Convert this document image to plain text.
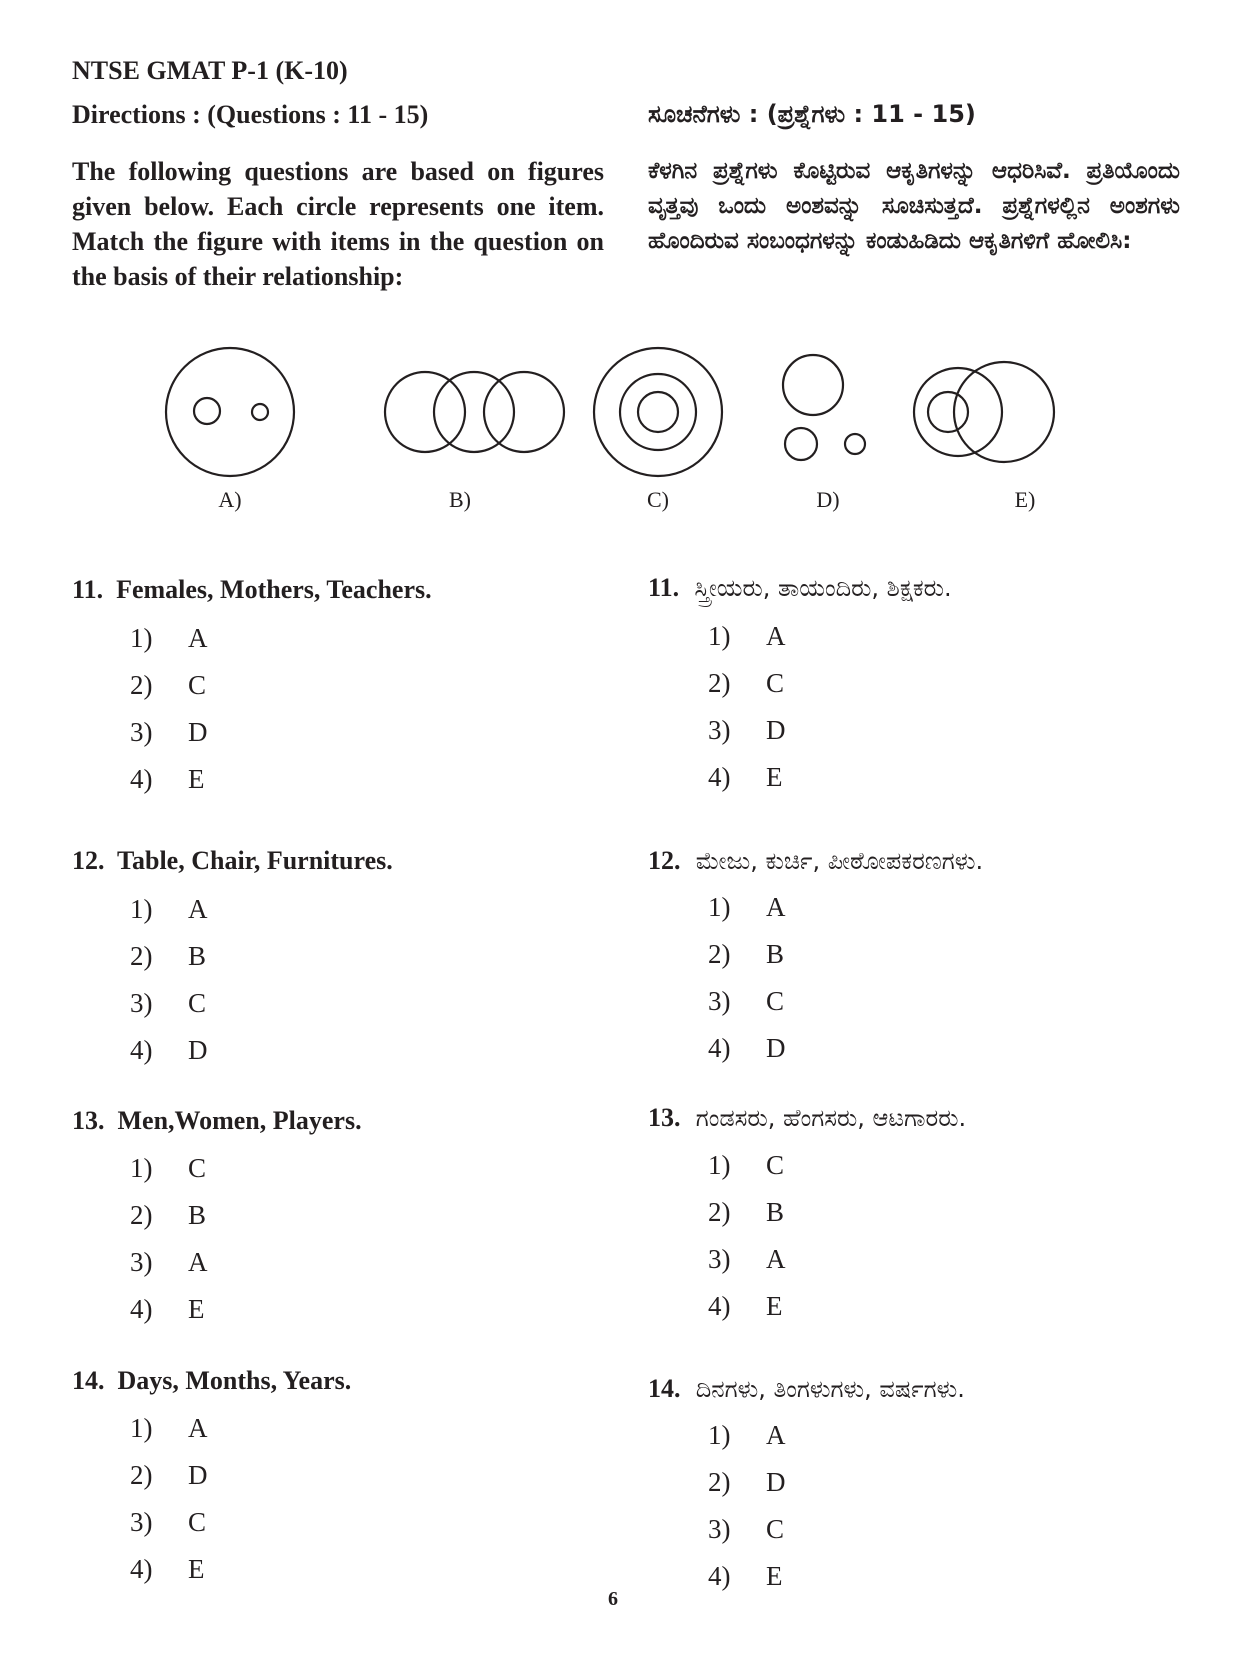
NTSE GMAT P-1 (K-10)
Directions : (Questions : 11 - 15)	ಸೂಚನೆಗಳು : (ಪ್ರಶ್ನೆಗಳು : 11 - 15)
The following questions are based on figures given below. Each circle represents one item. Match the figure with items in the question on the basis of their relationship:
ಕೆಳಗಿನ ಪ್ರಶ್ನೆಗಳು ಕೊಟ್ಟಿರುವ ಆಕೃತಿಗಳನ್ನು ಆಧರಿಸಿವೆ. ಪ್ರತಿಯೊಂದು ವೃತ್ತವು ಒಂದು ಅಂಶವನ್ನು ಸೂಚಿಸುತ್ತದೆ. ಪ್ರಶ್ನೆಗಳಲ್ಲಿನ ಅಂಶಗಳು ಹೊಂದಿರುವ ಸಂಬಂಧಗಳನ್ನು ಕಂಡುಹಿಡಿದು ಆಕೃತಿಗಳಿಗೆ ಹೋಲಿಸಿ:
A)	B)	C)	D)	E)
11. Females, Mothers, Teachers.	11. ಸ್ತ್ರೀಯರು, ತಾಯಂದಿರು, ಶಿಕ್ಷಕರು.
1) A
2) C
3) D
4) E
1) A
2) C
3) D
4) E
12. Table, Chair, Furnitures.	12. ಮೇಜು, ಕುರ್ಚಿ, ಪೀಠೋಪಕರಣಗಳು.
1) A
2) B
3) C
4) D
1) A
2) B
3) C
4) D
13. Men,Women, Players.	13. ಗಂಡಸರು, ಹೆಂಗಸರು, ಆಟಗಾರರು.
1) C
2) B
3) A
4) E
1) C
2) B
3) A
4) E
14. Days, Months, Years.	14. ದಿನಗಳು, ತಿಂಗಳುಗಳು, ವರ್ಷಗಳು.
1) A
2) D
3) C
4) E
1) A
2) D
3) C
4) E
6
